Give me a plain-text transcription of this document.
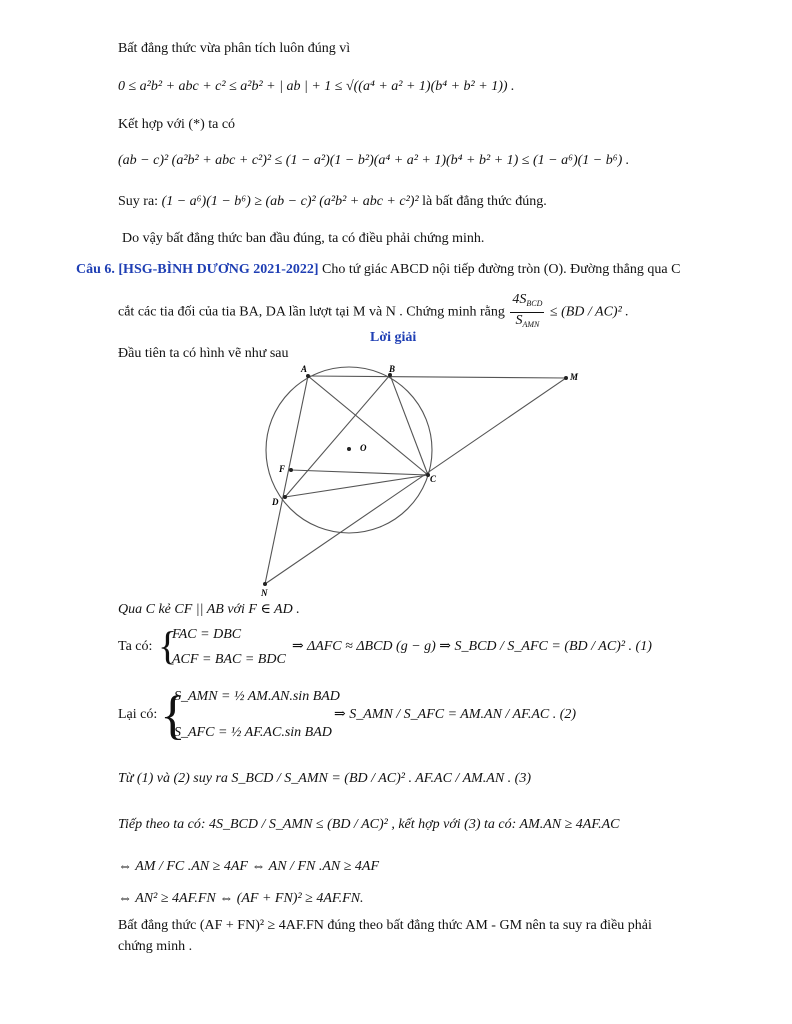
Bất đẳng thức vừa phân tích luôn đúng vì
0 ≤ a²b² + abc + c² ≤ a²b² + | ab | + 1 ≤ √((a⁴ + a² + 1)(b⁴ + b² + 1)) .
Kết hợp với (*) ta có
(ab − c)² (a²b² + abc + c²)² ≤ (1 − a²)(1 − b²)(a⁴ + a² + 1)(b⁴ + b² + 1) ≤ (1 − a⁶)(1 − b⁶) .
Suy ra: (1 − a⁶)(1 − b⁶) ≥ (ab − c)² (a²b² + abc + c²)² là bất đẳng thức đúng.
Do vậy bất đẳng thức ban đầu đúng, ta có điều phải chứng minh.
Câu 6. [HSG-BÌNH DƯƠNG 2021-2022] Cho tứ giác ABCD nội tiếp đường tròn (O). Đường thẳng qua C
cắt các tia đối của tia BA, DA lần lượt tại M và N . Chứng minh rằng $\frac{4S_{BCD}}{S_{AMN}} \le (BD / AC)^2$ .
Lời giải
Đầu tiên ta có hình vẽ như sau
A	B
M
O
F
C
D
N
Qua C kẻ CF || AB với F ∈ AD .
Ta có: {
FAC = DBC
ACF = BAC = BDC
⇒ ΔAFC ≈ ΔBCD (g − g) ⇒ S_BCD / S_AFC = (BD / AC)² . (1)
Lại có: {
S_AMN = ½ AM.AN.sin BAD
S_AFC = ½ AF.AC.sin BAD
⇒ S_AMN / S_AFC = AM.AN / AF.AC . (2)
Từ (1) và (2) suy ra S_BCD / S_AMN = (BD / AC)² . AF.AC / AM.AN . (3)
Tiếp theo ta có: 4S_BCD / S_AMN ≤ (BD / AC)² , kết hợp với (3) ta có: AM.AN ≥ 4AF.AC
⇔ AM / FC .AN ≥ 4AF ⇔ AN / FN .AN ≥ 4AF
⇔ AN² ≥ 4AF.FN ⇔ (AF + FN)² ≥ 4AF.FN.
Bất đẳng thức (AF + FN)² ≥ 4AF.FN đúng theo bất đẳng thức AM - GM nên ta suy ra điều phải
chứng minh .
